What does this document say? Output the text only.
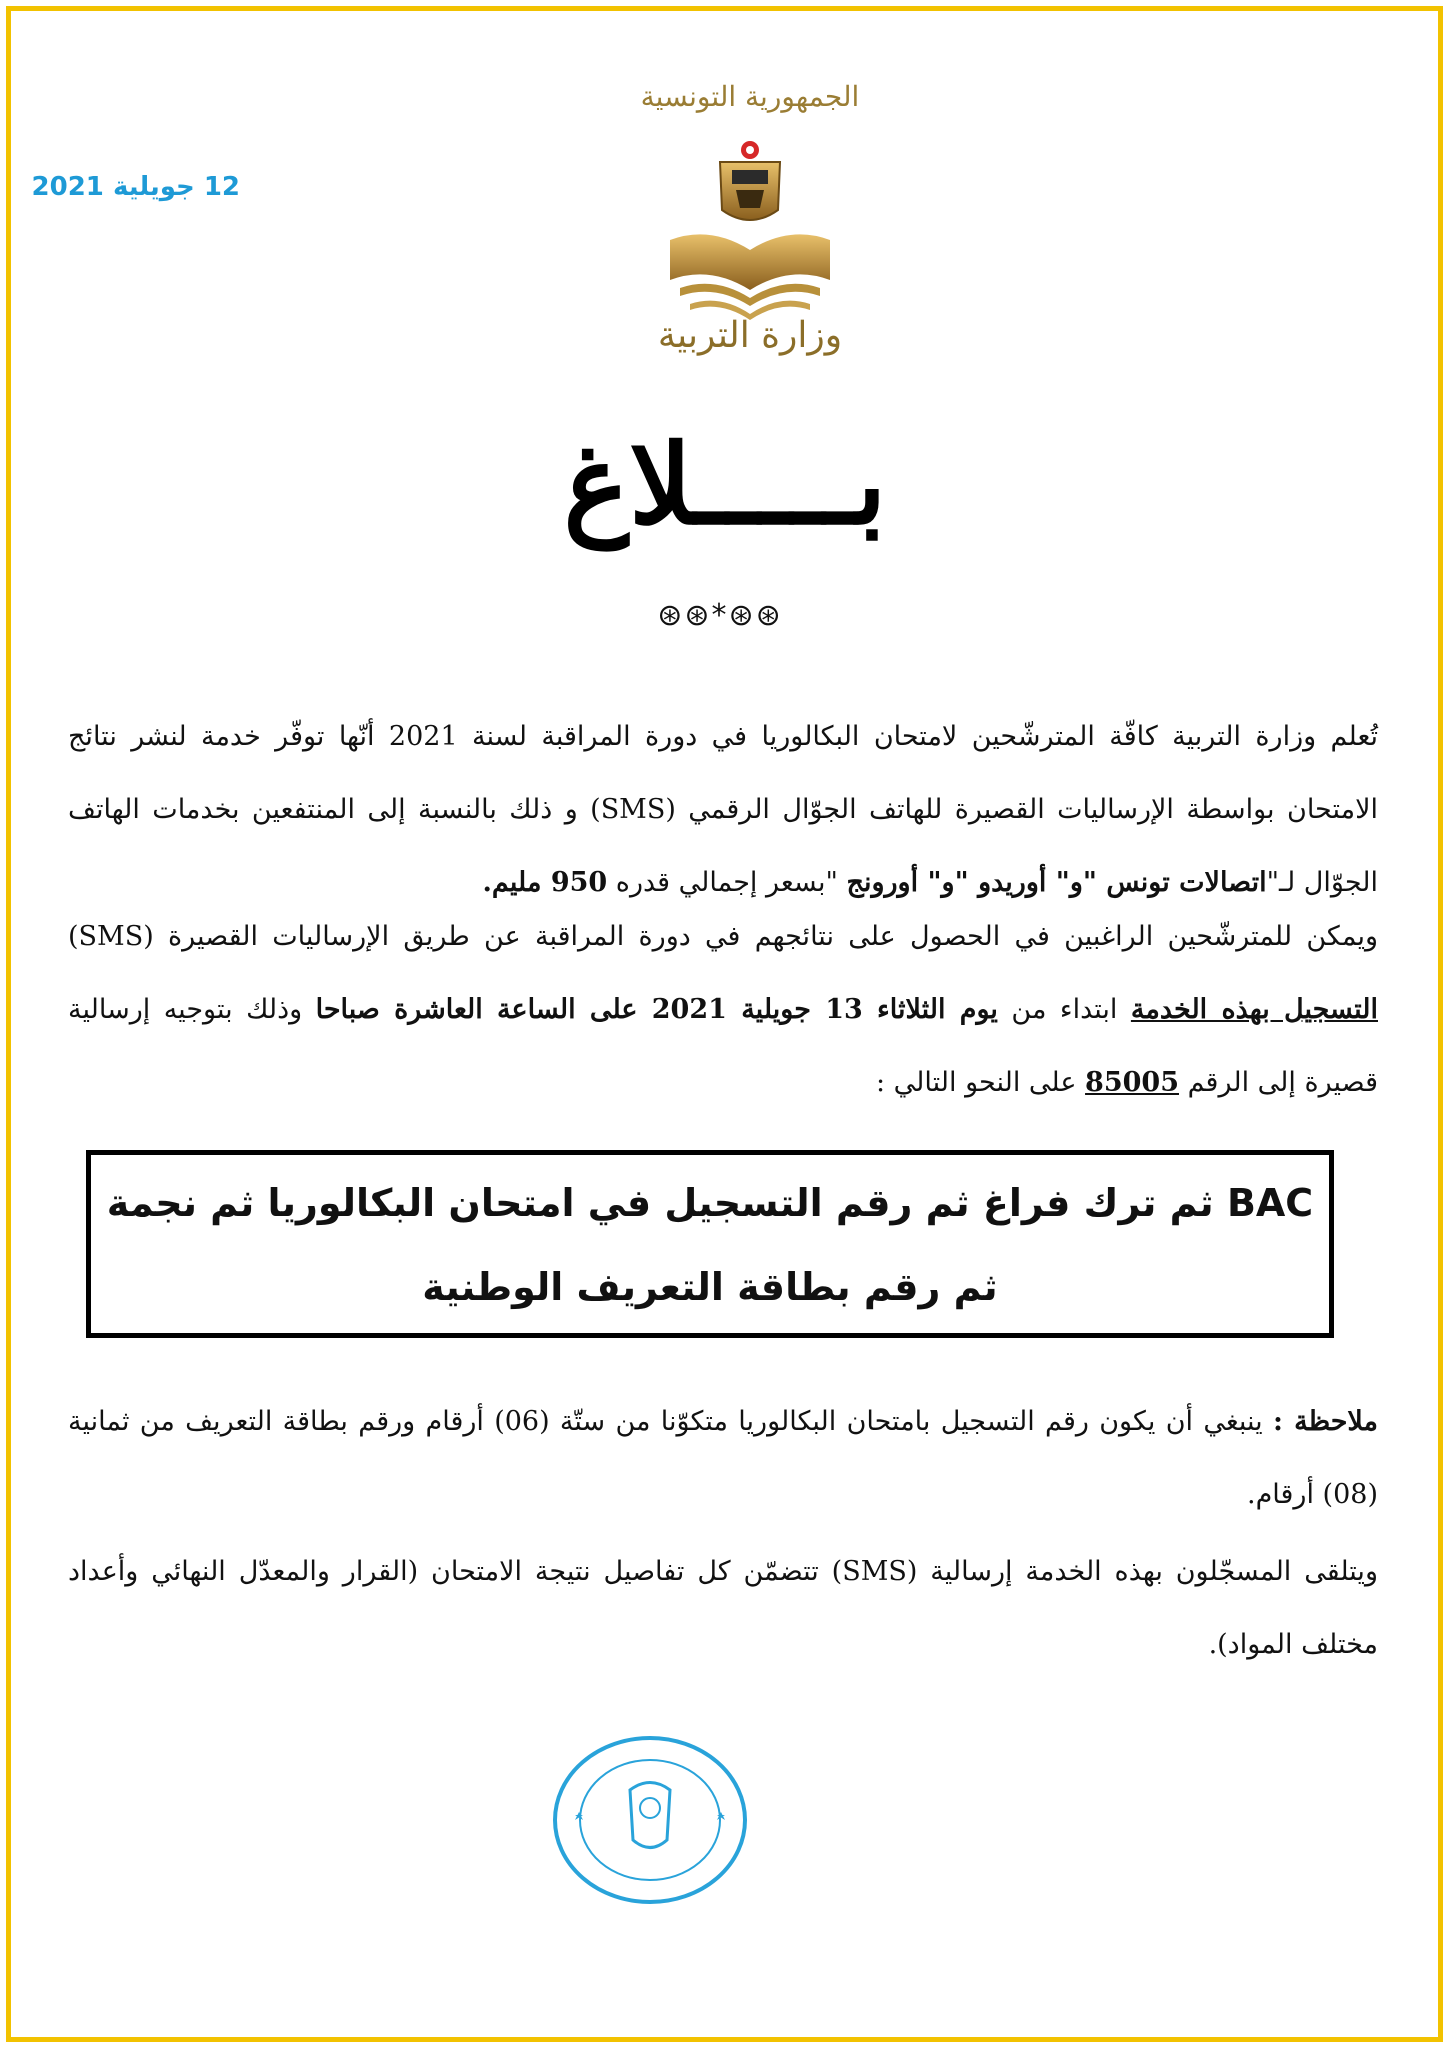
12 جويلية 2021
الجمهورية التونسية
وزارة التربية
بـــــلاغ
⊛⊛*⊛⊛
تُعلم وزارة التربية كافّة المترشّحين لامتحان البكالوريا في دورة المراقبة لسنة 2021 أنّها توفّر خدمة لنشر نتائج الامتحان بواسطة الإرساليات القصيرة للهاتف الجوّال الرقمي (SMS) و ذلك بالنسبة إلى المنتفعين بخدمات الهاتف الجوّال لـ"اتصالات تونس "و" أوريدو "و" أورونج "بسعر إجمالي قدره 950 مليم.
ويمكن للمترشّحين الراغبين في الحصول على نتائجهم في دورة المراقبة عن طريق الإرساليات القصيرة (SMS) التسجيل بهذه الخدمة ابتداء من يوم الثلاثاء 13 جويلية 2021 على الساعة العاشرة صباحا وذلك بتوجيه إرسالية قصيرة إلى الرقم 85005 على النحو التالي :
BAC ثم ترك فراغ ثم رقم التسجيل في امتحان البكالوريا ثم نجمة
ثم رقم بطاقة التعريف الوطنية
ملاحظة : ينبغي أن يكون رقم التسجيل بامتحان البكالوريا متكوّنا من ستّة (06) أرقام ورقم بطاقة التعريف من ثمانية (08) أرقام.
ويتلقى المسجّلون بهذه الخدمة إرسالية (SMS) تتضمّن كل تفاصيل نتيجة الامتحان (القرار والمعدّل النهائي وأعداد مختلف المواد).
